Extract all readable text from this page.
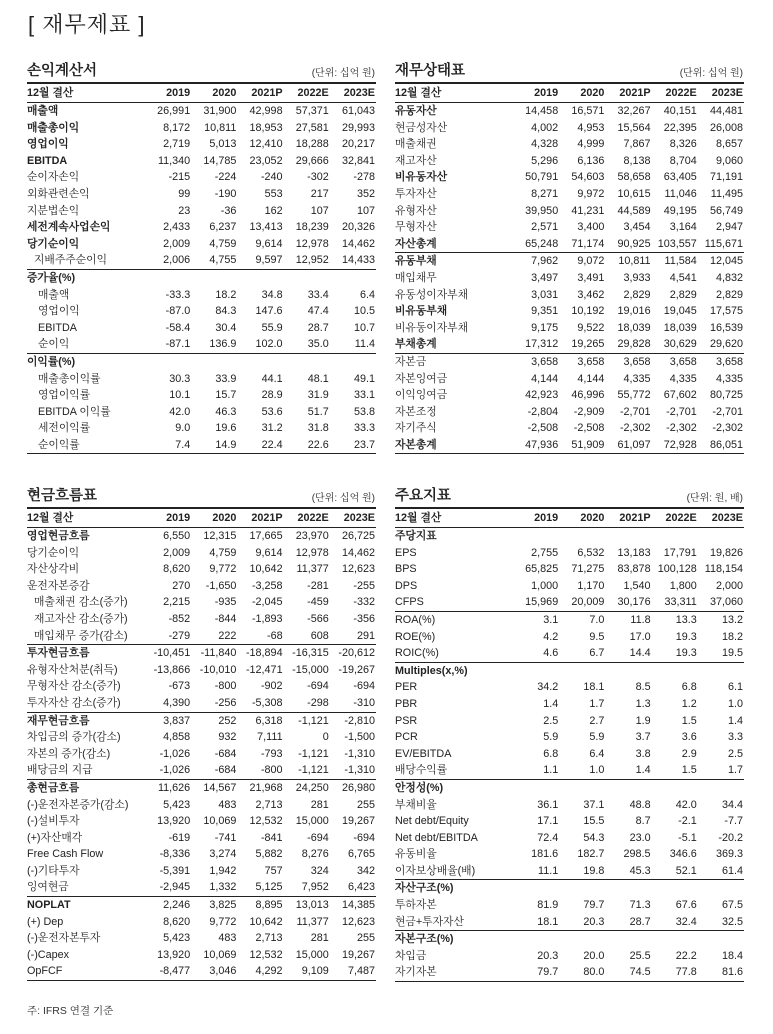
[ 재무제표 ]
손익계산서	(단위: 십억 원)
12월 결산	2019	2020	2021P	2022E	2023E
매출액	26,991	31,900	42,998	57,371	61,043
매출총이익	8,172	10,811	18,953	27,581	29,993
영업이익	2,719	5,013	12,410	18,288	20,217
EBITDA	11,340	14,785	23,052	29,666	32,841
순이자손익	-215	-224	-240	-302	-278
외화관련손익	99	-190	553	217	352
지분법손익	23	-36	162	107	107
세전계속사업손익	2,433	6,237	13,413	18,239	20,326
당기순이익	2,009	4,759	9,614	12,978	14,462
지배주주순이익	2,006	4,755	9,597	12,952	14,433
증가율(%)					
매출액	-33.3	18.2	34.8	33.4	6.4
영업이익	-87.0	84.3	147.6	47.4	10.5
EBITDA	-58.4	30.4	55.9	28.7	10.7
순이익	-87.1	136.9	102.0	35.0	11.4
이익률(%)					
매출총이익률	30.3	33.9	44.1	48.1	49.1
영업이익률	10.1	15.7	28.9	31.9	33.1
EBITDA 이익률	42.0	46.3	53.6	51.7	53.8
세전이익률	9.0	19.6	31.2	31.8	33.3
순이익률	7.4	14.9	22.4	22.6	23.7
재무상태표	(단위: 십억 원)
12월 결산	2019	2020	2021P	2022E	2023E
유동자산	14,458	16,571	32,267	40,151	44,481
현금성자산	4,002	4,953	15,564	22,395	26,008
매출채권	4,328	4,999	7,867	8,326	8,657
재고자산	5,296	6,136	8,138	8,704	9,060
비유동자산	50,791	54,603	58,658	63,405	71,191
투자자산	8,271	9,972	10,615	11,046	11,495
유형자산	39,950	41,231	44,589	49,195	56,749
무형자산	2,571	3,400	3,454	3,164	2,947
자산총계	65,248	71,174	90,925	103,557	115,671
유동부채	7,962	9,072	10,811	11,584	12,045
매입채무	3,497	3,491	3,933	4,541	4,832
유동성이자부채	3,031	3,462	2,829	2,829	2,829
비유동부채	9,351	10,192	19,016	19,045	17,575
비유동이자부채	9,175	9,522	18,039	18,039	16,539
부채총계	17,312	19,265	29,828	30,629	29,620
자본금	3,658	3,658	3,658	3,658	3,658
자본잉여금	4,144	4,144	4,335	4,335	4,335
이익잉여금	42,923	46,996	55,772	67,602	80,725
자본조정	-2,804	-2,909	-2,701	-2,701	-2,701
자기주식	-2,508	-2,508	-2,302	-2,302	-2,302
자본총계	47,936	51,909	61,097	72,928	86,051
현금흐름표	(단위: 십억 원)
12월 결산	2019	2020	2021P	2022E	2023E
영업현금흐름	6,550	12,315	17,665	23,970	26,725
당기순이익	2,009	4,759	9,614	12,978	14,462
자산상각비	8,620	9,772	10,642	11,377	12,623
운전자본증감	270	-1,650	-3,258	-281	-255
매출채권 감소(증가)	2,215	-935	-2,045	-459	-332
재고자산 감소(증가)	-852	-844	-1,893	-566	-356
매입채무 증가(감소)	-279	222	-68	608	291
투자현금흐름	-10,451	-11,840	-18,894	-16,315	-20,612
유형자산처분(취득)	-13,866	-10,010	-12,471	-15,000	-19,267
무형자산 감소(증가)	-673	-800	-902	-694	-694
투자자산 감소(증가)	4,390	-256	-5,308	-298	-310
재무현금흐름	3,837	252	6,318	-1,121	-2,810
차입금의 증가(감소)	4,858	932	7,111	0	-1,500
자본의 증가(감소)	-1,026	-684	-793	-1,121	-1,310
배당금의 지급	-1,026	-684	-800	-1,121	-1,310
총현금흐름	11,626	14,567	21,968	24,250	26,980
(-)운전자본증가(감소)	5,423	483	2,713	281	255
(-)설비투자	13,920	10,069	12,532	15,000	19,267
(+)자산매각	-619	-741	-841	-694	-694
Free Cash Flow	-8,336	3,274	5,882	8,276	6,765
(-)기타투자	-5,391	1,942	757	324	342
잉여현금	-2,945	1,332	5,125	7,952	6,423
NOPLAT	2,246	3,825	8,895	13,013	14,385
(+) Dep	8,620	9,772	10,642	11,377	12,623
(-)운전자본투자	5,423	483	2,713	281	255
(-)Capex	13,920	10,069	12,532	15,000	19,267
OpFCF	-8,477	3,046	4,292	9,109	7,487
주요지표	(단위: 원, 배)
12월 결산	2019	2020	2021P	2022E	2023E
주당지표					
EPS	2,755	6,532	13,183	17,791	19,826
BPS	65,825	71,275	83,878	100,128	118,154
DPS	1,000	1,170	1,540	1,800	2,000
CFPS	15,969	20,009	30,176	33,311	37,060
ROA(%)	3.1	7.0	11.8	13.3	13.2
ROE(%)	4.2	9.5	17.0	19.3	18.2
ROIC(%)	4.6	6.7	14.4	19.3	19.5
Multiples(x,%)					
PER	34.2	18.1	8.5	6.8	6.1
PBR	1.4	1.7	1.3	1.2	1.0
PSR	2.5	2.7	1.9	1.5	1.4
PCR	5.9	5.9	3.7	3.6	3.3
EV/EBITDA	6.8	6.4	3.8	2.9	2.5
배당수익률	1.1	1.0	1.4	1.5	1.7
안정성(%)					
부채비율	36.1	37.1	48.8	42.0	34.4
Net debt/Equity	17.1	15.5	8.7	-2.1	-7.7
Net debt/EBITDA	72.4	54.3	23.0	-5.1	-20.2
유동비율	181.6	182.7	298.5	346.6	369.3
이자보상배율(배)	11.1	19.8	45.3	52.1	61.4
자산구조(%)					
투하자본	81.9	79.7	71.3	67.6	67.5
현금+투자자산	18.1	20.3	28.7	32.4	32.5
자본구조(%)					
차입금	20.3	20.0	25.5	22.2	18.4
자기자본	79.7	80.0	74.5	77.8	81.6
주: IFRS 연결 기준
